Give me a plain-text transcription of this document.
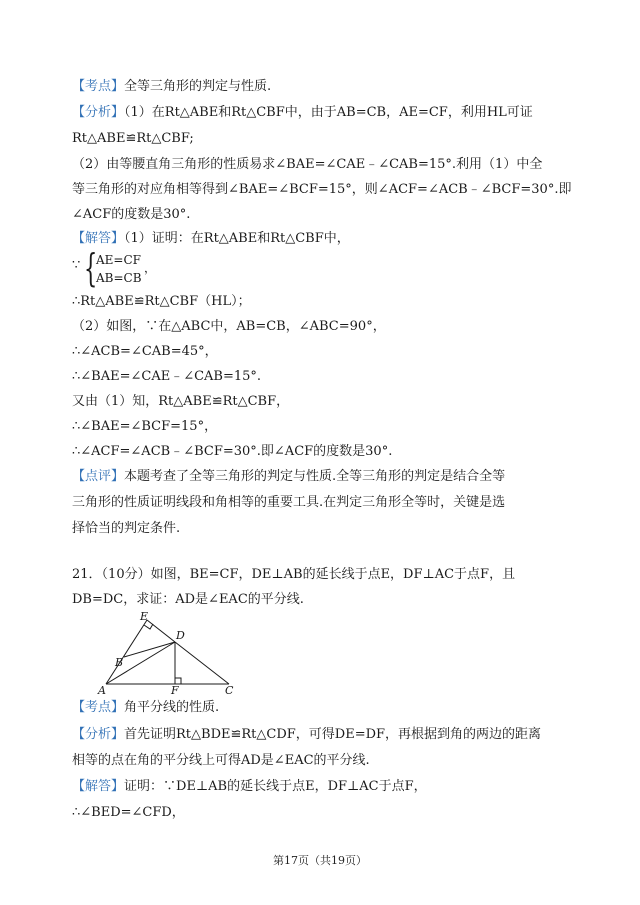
【考点】全等三角形的判定与性质.
【分析】（1）在Rt△ABE和Rt△CBF中，由于AB=CB，AE=CF，利用HL可证
Rt△ABE≌Rt△CBF;
（2）由等腰直角三角形的性质易求∠BAE=∠CAE﹣∠CAB=15°.利用（1）中全
等三角形的对应角相等得到∠BAE=∠BCF=15°，则∠ACF=∠ACB﹣∠BCF=30°.即
∠ACF的度数是30°.
【解答】（1）证明：在Rt△ABE和Rt△CBF中，
∵ {
AE=CF
AB=CB
，
∴Rt△ABE≌Rt△CBF（HL）；
（2）如图，∵在△ABC中，AB=CB，∠ABC=90°，
∴∠ACB=∠CAB=45°，
∴∠BAE=∠CAE﹣∠CAB=15°.
又由（1）知，Rt△ABE≌Rt△CBF，
∴∠BAE=∠BCF=15°，
∴∠ACF=∠ACB﹣∠BCF=30°.即∠ACF的度数是30°.
【点评】本题考查了全等三角形的判定与性质.全等三角形的判定是结合全等
三角形的性质证明线段和角相等的重要工具.在判定三角形全等时，关键是选
择恰当的判定条件.
21．（10分）如图，BE=CF，DE⊥AB的延长线于点E，DF⊥AC于点F，且
DB=DC，求证：AD是∠EAC的平分线.
E
D
B
A	F	C
【考点】角平分线的性质.
【分析】首先证明Rt△BDE≌Rt△CDF，可得DE=DF，再根据到角的两边的距离
相等的点在角的平分线上可得AD是∠EAC的平分线.
【解答】证明：∵DE⊥AB的延长线于点E，DF⊥AC于点F，
∴∠BED=∠CFD，
第17页（共19页）
